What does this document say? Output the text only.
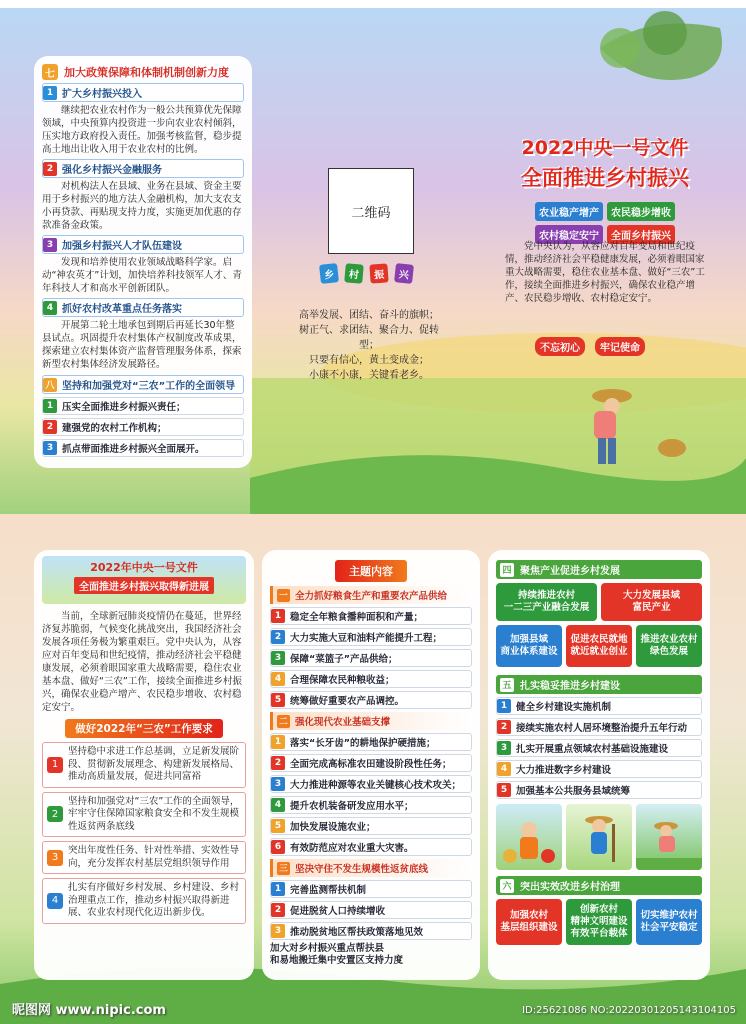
七 加大政策保障和体制机制创新力度
1 扩大乡村振兴投入

继续把农业农村作为一般公共预算优先保障领域，中央预算内投资进一步向农业农村倾斜，压实地方政府投入责任。加强考核监督，稳步提高土地出让收入用于农业农村的比例。

2 强化乡村振兴金融服务

对机构法人在县域、业务在县域、资金主要用于乡村振兴的地方法人金融机构，加大支农支小再贷款、再贴现支持力度，实施更加优惠的存款准备金政策。

3 加强乡村振兴人才队伍建设

发现和培养使用农业领域战略科学家。启动“神农英才”计划，加快培养科技领军人才、青年科技人才和高水平创新团队。

4 抓好农村改革重点任务落实

开展第二轮土地承包到期后再延长30年整县试点。巩固提升农村集体产权制度改革成果，探索建立农村集体资产监督管理服务体系，探索新型农村集体经济发展路径。

八 坚持和加强党对“三农”工作的全面领导
1 压实全面推进乡村振兴责任；
2 建强党的农村工作机构；
3 抓点带面推进乡村振兴全面展开。
二维码
乡	村	振	兴
高举发展、团结、奋斗的旗帜；
树正气、求团结、聚合力、促转型；
只要有信心，黄土变成金；
小康不小康，关键看老乡。
2022中央一号文件
全面推进乡村振兴
农业稳产增产	农民稳步增收
农村稳定安宁	全面乡村振兴

党中央认为，从容应对百年变局和世纪疫情，推动经济社会平稳健康发展，必须着眼国家重大战略需要，稳住农业基本盘、做好“三农”工作，接续全面推进乡村振兴，确保农业稳产增产、农民稳步增收、农村稳定安宁。

不忘初心	牢记使命
2022年中央一号文件
全面推进乡村振兴取得新进展

当前，全球新冠肺炎疫情仍在蔓延，世界经济复苏脆弱，气候变化挑战突出，我国经济社会发展各项任务极为繁重艰巨。党中央认为，从容应对百年变局和世纪疫情，推动经济社会平稳健康发展，必须着眼国家重大战略需要，稳住农业基本盘、做好“三农”工作，接续全面推进乡村振兴，确保农业稳产增产、农民稳步增收、农村稳定安宁。

做好2022年“三农”工作要求
1
坚持稳中求进工作总基调，立足新发展阶段、贯彻新发展理念、构建新发展格局、推动高质量发展，促进共同富裕
2
坚持和加强党对“三农”工作的全面领导，牢牢守住保障国家粮食安全和不发生规模性返贫两条底线
3
突出年度性任务、针对性举措、实效性导向，充分发挥农村基层党组织领导作用
4
扎实有序做好乡村发展、乡村建设、乡村治理重点工作，推动乡村振兴取得新进展、农业农村现代化迈出新步伐。
主题内容
一 全力抓好粮食生产和重要农产品供给
1 稳定全年粮食播种面积和产量；
2 大力实施大豆和油料产能提升工程；
3 保障“菜篮子”产品供给；
4 合理保障农民种粮收益；
5 统筹做好重要农产品调控。
二 强化现代农业基础支撑
1 落实“长牙齿”的耕地保护硬措施；
2 全面完成高标准农田建设阶段性任务；
3 大力推进种源等农业关键核心技术攻关；
4 提升农机装备研发应用水平；
5 加快发展设施农业；
6 有效防范应对农业重大灾害。
三 坚决守住不发生规模性返贫底线
1 完善监测帮扶机制
2 促进脱贫人口持续增收
3 推动脱贫地区帮扶政策落地见效
加大对乡村振兴重点帮扶县
和易地搬迁集中安置区支持力度
四 聚焦产业促进乡村发展
持续推进农村
一二三产业融合发展
大力发展县域
富民产业
加强县域
商业体系建设
促进农民就地
就近就业创业
推进农业农村
绿色发展
五 扎实稳妥推进乡村建设
1 健全乡村建设实施机制
2 接续实施农村人居环境整治提升五年行动
3 扎实开展重点领域农村基础设施建设
4 大力推进数字乡村建设
5 加强基本公共服务县域统筹
六 突出实效改进乡村治理
加强农村
基层组织建设
创新农村
精神文明建设
有效平台载体
切实维护农村
社会平安稳定
昵图网 www.nipic.com	ID:25621086 NO:20220301205143104105
